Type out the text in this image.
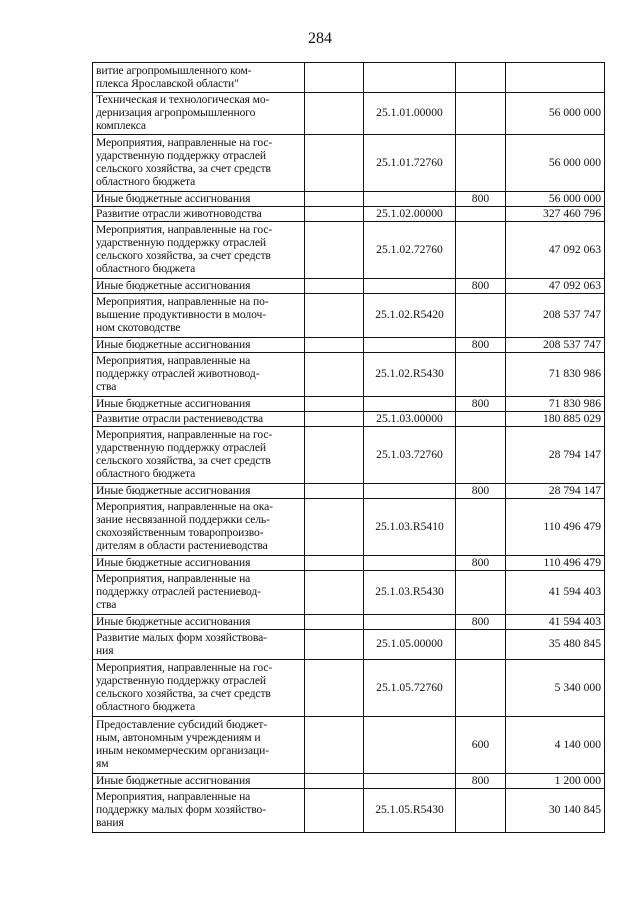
284
витие агропромышленного ком-
плекса Ярославской области"				
Техническая и технологическая мо-
дернизация агропромышленного
комплекса		25.1.01.00000		56 000 000
Мероприятия, направленные на гос-
ударственную поддержку отраслей
сельского хозяйства, за счет средств
областного бюджета		25.1.01.72760		56 000 000
Иные бюджетные ассигнования			800	56 000 000
Развитие отрасли животноводства		25.1.02.00000		327 460 796
Мероприятия, направленные на гос-
ударственную поддержку отраслей
сельского хозяйства, за счет средств
областного бюджета		25.1.02.72760		47 092 063
Иные бюджетные ассигнования			800	47 092 063
Мероприятия, направленные на по-
вышение продуктивности в молоч-
ном скотоводстве		25.1.02.R5420		208 537 747
Иные бюджетные ассигнования			800	208 537 747
Мероприятия, направленные на
поддержку отраслей животновод-
ства		25.1.02.R5430		71 830 986
Иные бюджетные ассигнования			800	71 830 986
Развитие отрасли растениеводства		25.1.03.00000		180 885 029
Мероприятия, направленные на гос-
ударственную поддержку отраслей
сельского хозяйства, за счет средств
областного бюджета		25.1.03.72760		28 794 147
Иные бюджетные ассигнования			800	28 794 147
Мероприятия, направленные на ока-
зание несвязанной поддержки сель-
скохозяйственным товаропроизво-
дителям в области растениеводства		25.1.03.R5410		110 496 479
Иные бюджетные ассигнования			800	110 496 479
Мероприятия, направленные на
поддержку отраслей растениевод-
ства		25.1.03.R5430		41 594 403
Иные бюджетные ассигнования			800	41 594 403
Развитие малых форм хозяйствова-
ния		25.1.05.00000		35 480 845
Мероприятия, направленные на гос-
ударственную поддержку отраслей
сельского хозяйства, за счет средств
областного бюджета		25.1.05.72760		5 340 000
Предоставление субсидий бюджет-
ным, автономным учреждениям и
иным некоммерческим организаци-
ям			600	4 140 000
Иные бюджетные ассигнования			800	1 200 000
Мероприятия, направленные на
поддержку малых форм хозяйство-
вания		25.1.05.R5430		30 140 845
